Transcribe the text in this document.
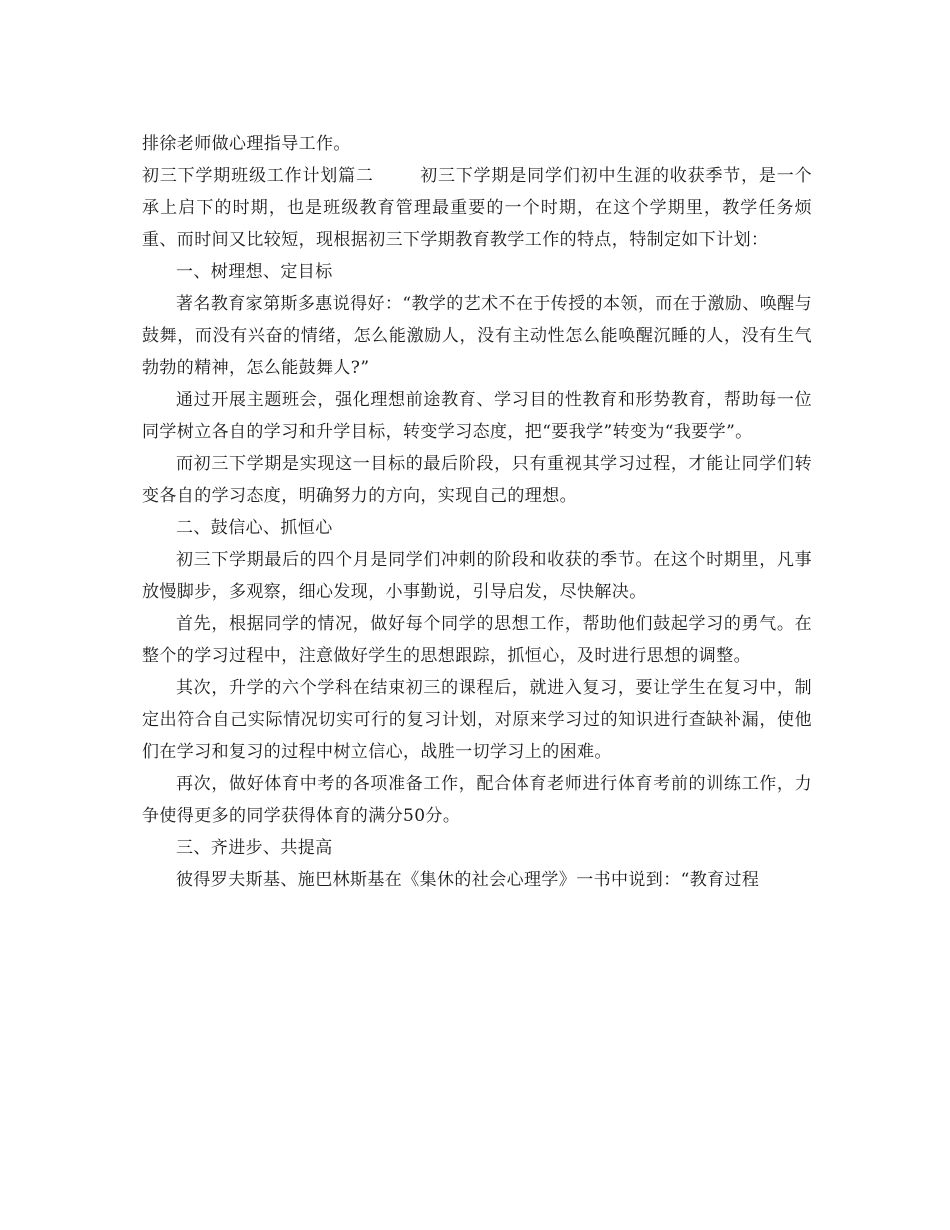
排徐老师做心理指导工作。

初三下学期班级工作计划篇二	初三下学期是同学们初中生涯的收获季节，是一个承上启下的时期，也是班级教育管理最重要的一个时期，在这个学期里，教学任务烦重、而时间又比较短，现根据初三下学期教育教学工作的特点，特制定如下计划：

一、树理想、定目标

著名教育家第斯多惠说得好：“教学的艺术不在于传授的本领，而在于激励、唤醒与鼓舞，而没有兴奋的情绪，怎么能激励人，没有主动性怎么能唤醒沉睡的人，没有生气勃勃的精神，怎么能鼓舞人?”

通过开展主题班会，强化理想前途教育、学习目的性教育和形势教育，帮助每一位同学树立各自的学习和升学目标，转变学习态度，把“要我学”转变为“我要学”。

而初三下学期是实现这一目标的最后阶段，只有重视其学习过程，才能让同学们转变各自的学习态度，明确努力的方向，实现自己的理想。

二、鼓信心、抓恒心

初三下学期最后的四个月是同学们冲刺的阶段和收获的季节。在这个时期里，凡事放慢脚步，多观察，细心发现，小事勤说，引导启发，尽快解决。

首先，根据同学的情况，做好每个同学的思想工作，帮助他们鼓起学习的勇气。在整个的学习过程中，注意做好学生的思想跟踪，抓恒心，及时进行思想的调整。

其次，升学的六个学科在结束初三的课程后，就进入复习，要让学生在复习中，制定出符合自己实际情况切实可行的复习计划，对原来学习过的知识进行查缺补漏，使他们在学习和复习的过程中树立信心，战胜一切学习上的困难。

再次，做好体育中考的各项准备工作，配合体育老师进行体育考前的训练工作，力争使得更多的同学获得体育的满分50分。

三、齐进步、共提高

彼得罗夫斯基、施巴林斯基在《集休的社会心理学》一书中说到：“教育过程
